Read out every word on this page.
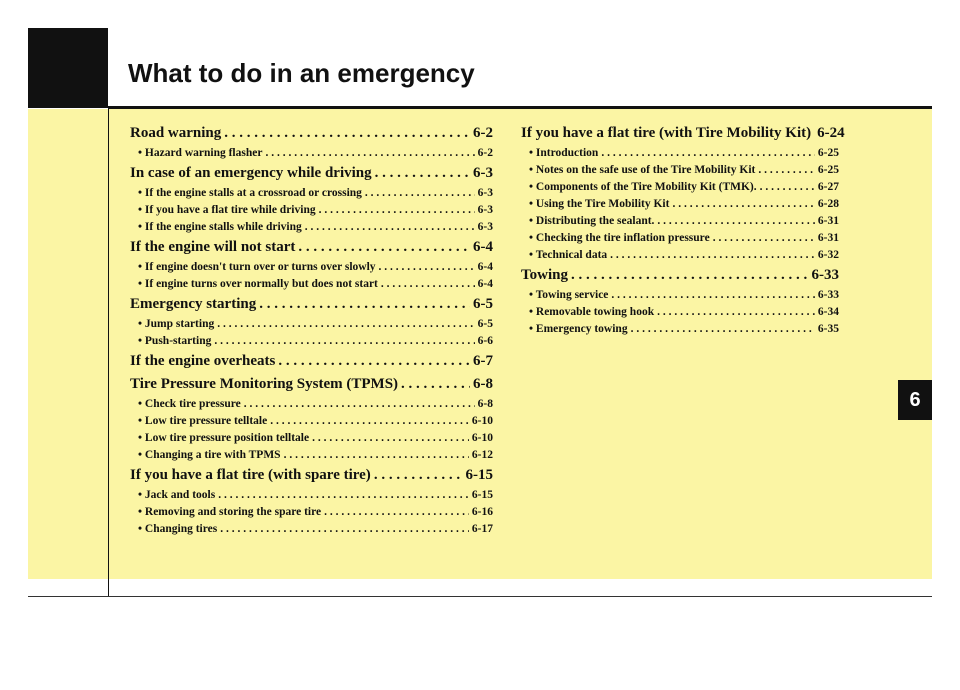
What to do in an emergency
6
Road warning . . .	6-2
• Hazard warning flasher . . .	6-2
In case of an emergency while driving . . .	6-3
• If the engine stalls at a crossroad or crossing . . .	6-3
• If you have a flat tire while driving . . .	6-3
• If the engine stalls while driving . . .	6-3
If the engine will not start . . .	6-4
• If engine doesn't turn over or turns over slowly . . .	6-4
• If engine turns over normally but does not start . . .	6-4
Emergency starting . . .	6-5
• Jump starting . . .	6-5
• Push-starting . . .	6-6
If the engine overheats . . .	6-7
Tire Pressure Monitoring System (TPMS) . . .	6-8
• Check tire pressure . . .	6-8
• Low tire pressure telltale . . .	6-10
• Low tire pressure position telltale . . .	6-10
• Changing a tire with TPMS . . .	6-12
If you have a flat tire (with spare tire) . . .	6-15
• Jack and tools . . .	6-15
• Removing and storing the spare tire . . .	6-16
• Changing tires . . .	6-17
If you have a flat tire (with Tire Mobility Kit) 6-24
• Introduction . . .	6-25
• Notes on the safe use of the Tire Mobility Kit . . .	6-25
• Components of the Tire Mobility Kit (TMK). . . .	6-27
• Using the Tire Mobility Kit . . .	6-28
• Distributing the sealant. . . .	6-31
• Checking the tire inflation pressure . . .	6-31
• Technical data . . .	6-32
Towing . . .	6-33
• Towing service . . .	6-33
• Removable towing hook . . .	6-34
• Emergency towing . . .	6-35
